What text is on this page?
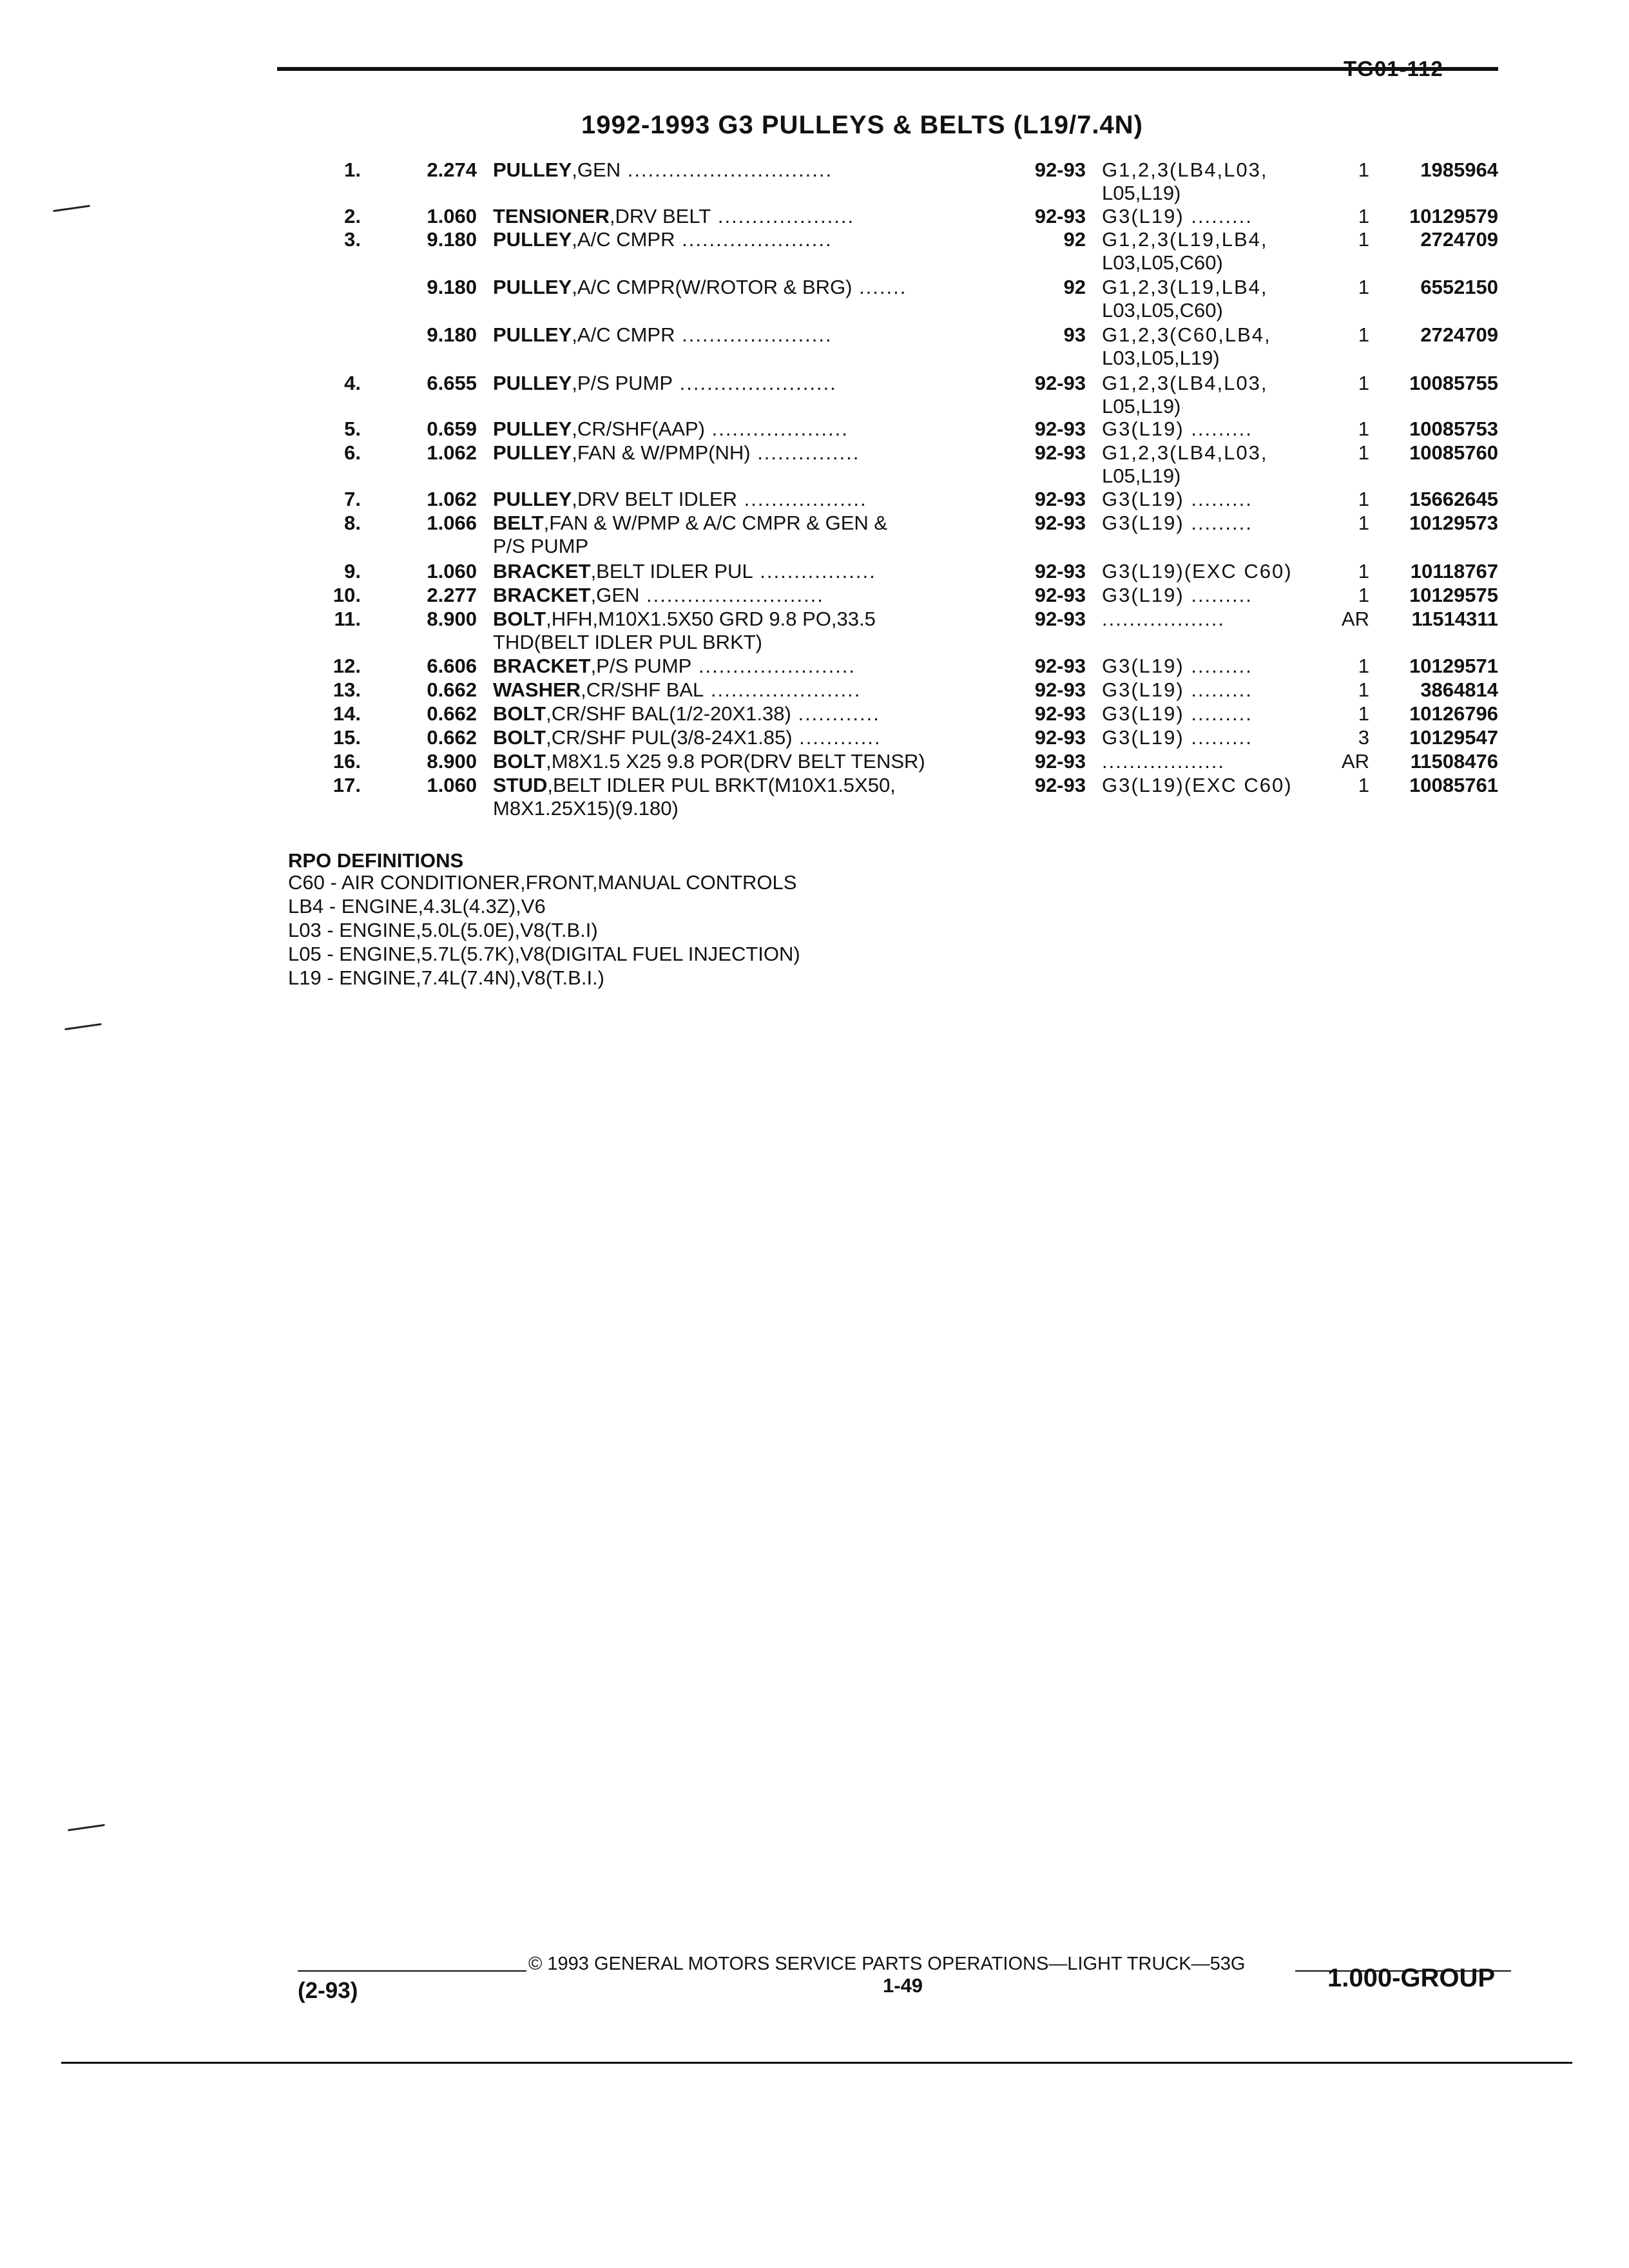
TG01-112
1992-1993 G3 PULLEYS & BELTS (L19/7.4N)
1.	2.274 PULLEY,GEN ..............................	92-93 G1,2,3(LB4,L03,
L05,L19)
1	1985964
2.	1.060 TENSIONER,DRV BELT ....................	92-93 G3(L19) .........	1	10129579
3.	9.180 PULLEY,A/C CMPR ......................	92 G1,2,3(L19,LB4,
L03,L05,C60)
1	2724709
9.180 PULLEY,A/C CMPR(W/ROTOR & BRG) .......	92 G1,2,3(L19,LB4,
L03,L05,C60)
1	6552150
9.180 PULLEY,A/C CMPR ......................	93 G1,2,3(C60,LB4,
L03,L05,L19)
1	2724709
4.	6.655 PULLEY,P/S PUMP .......................	92-93 G1,2,3(LB4,L03,
L05,L19)
1	10085755
5.	0.659 PULLEY,CR/SHF(AAP) ....................	92-93 G3(L19) .........	1	10085753
6.	1.062 PULLEY,FAN & W/PMP(NH) ...............	92-93 G1,2,3(LB4,L03,
L05,L19)
1	10085760
7.	1.062 PULLEY,DRV BELT IDLER ..................	92-93 G3(L19) .........	1	15662645
8.	1.066 BELT,FAN & W/PMP & A/C CMPR & GEN &
P/S PUMP
92-93 G3(L19) .........	1	10129573
9.	1.060 BRACKET,BELT IDLER PUL .................	92-93 G3(L19)(EXC C60)	1	10118767
10.	2.277 BRACKET,GEN ..........................	92-93 G3(L19) .........	1	10129575
11.	8.900 BOLT,HFH,M10X1.5X50 GRD 9.8 PO,33.5
THD(BELT IDLER PUL BRKT)
92-93 ..................	AR	11514311
12.	6.606 BRACKET,P/S PUMP .......................	92-93 G3(L19) .........	1	10129571
13.	0.662 WASHER,CR/SHF BAL ......................	92-93 G3(L19) .........	1	3864814
14.	0.662 BOLT,CR/SHF BAL(1/2-20X1.38) ............	92-93 G3(L19) .........	1	10126796
15.	0.662 BOLT,CR/SHF PUL(3/8-24X1.85) ............	92-93 G3(L19) .........	3	10129547
16.	8.900 BOLT,M8X1.5 X25 9.8 POR(DRV BELT TENSR)	92-93 ..................	AR	11508476
17.	1.060 STUD,BELT IDLER PUL BRKT(M10X1.5X50,
M8X1.25X15)(9.180)
92-93 G3(L19)(EXC C60)	1	10085761
RPO DEFINITIONS
C60 - AIR CONDITIONER,FRONT,MANUAL CONTROLS
LB4 - ENGINE,4.3L(4.3Z),V6
L03 - ENGINE,5.0L(5.0E),V8(T.B.I)
L05 - ENGINE,5.7L(5.7K),V8(DIGITAL FUEL INJECTION)
L19 - ENGINE,7.4L(7.4N),V8(T.B.I.)
© 1993 GENERAL MOTORS SERVICE PARTS OPERATIONS—LIGHT TRUCK—53G
(2-93)	1-49	1.000-GROUP
